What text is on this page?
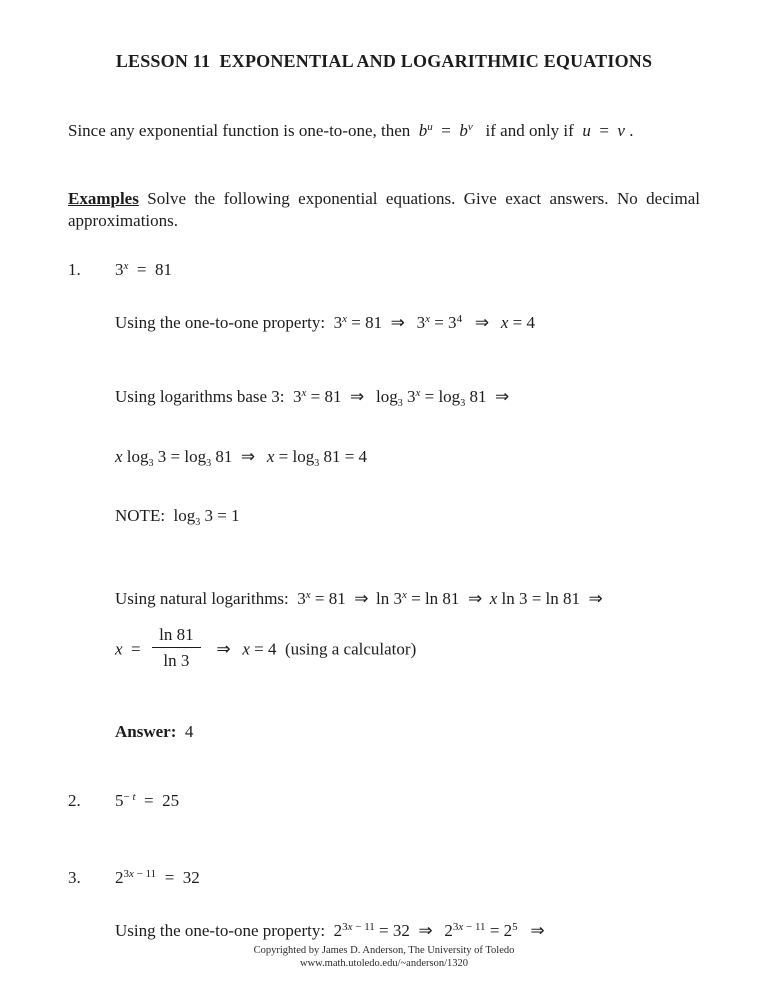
LESSON 11  EXPONENTIAL AND LOGARITHMIC EQUATIONS

Since any exponential function is one-to-one, then  $b^u = b^v$   if and only if  u  =  v .

Examples Solve the following exponential equations. Give exact answers. No decimal approximations.

1.	3$^x$  =  81
Using the one-to-one property:  $3^x = 81$  ⇒   $3^x = 3^4$ ⇒ x = 4
Using logarithms base 3:  $3^x = 81$  ⇒   $\log_3 3^x = \log_3 81$  ⇒
x $\log_3 3 = \log_3 81$  ⇒ $x = \log_3 81 = 4$
NOTE:  $\log_3 3 = 1$
Using natural logarithms:  $3^x = 81$  ⇒  $\ln 3^x = \ln 81$  ⇒ x ln 3 = ln 81  ⇒
$x = \frac{\ln 81}{\ln 3}$ ⇒ x = 4  (using a calculator)
Answer:  4
2.	5− $^t$  =  25
3.	$2^{3x}$ $^{- 11}$  =  32
Using the one-to-one property:  $2^{3x}$ $^{- 11}$ = 32  ⇒   $2^{3x}$ $^{- 11} = 2^5$ ⇒
Copyrighted by James D. Anderson, The University of Toledo
www.math.utoledo.edu/~anderson/1320
